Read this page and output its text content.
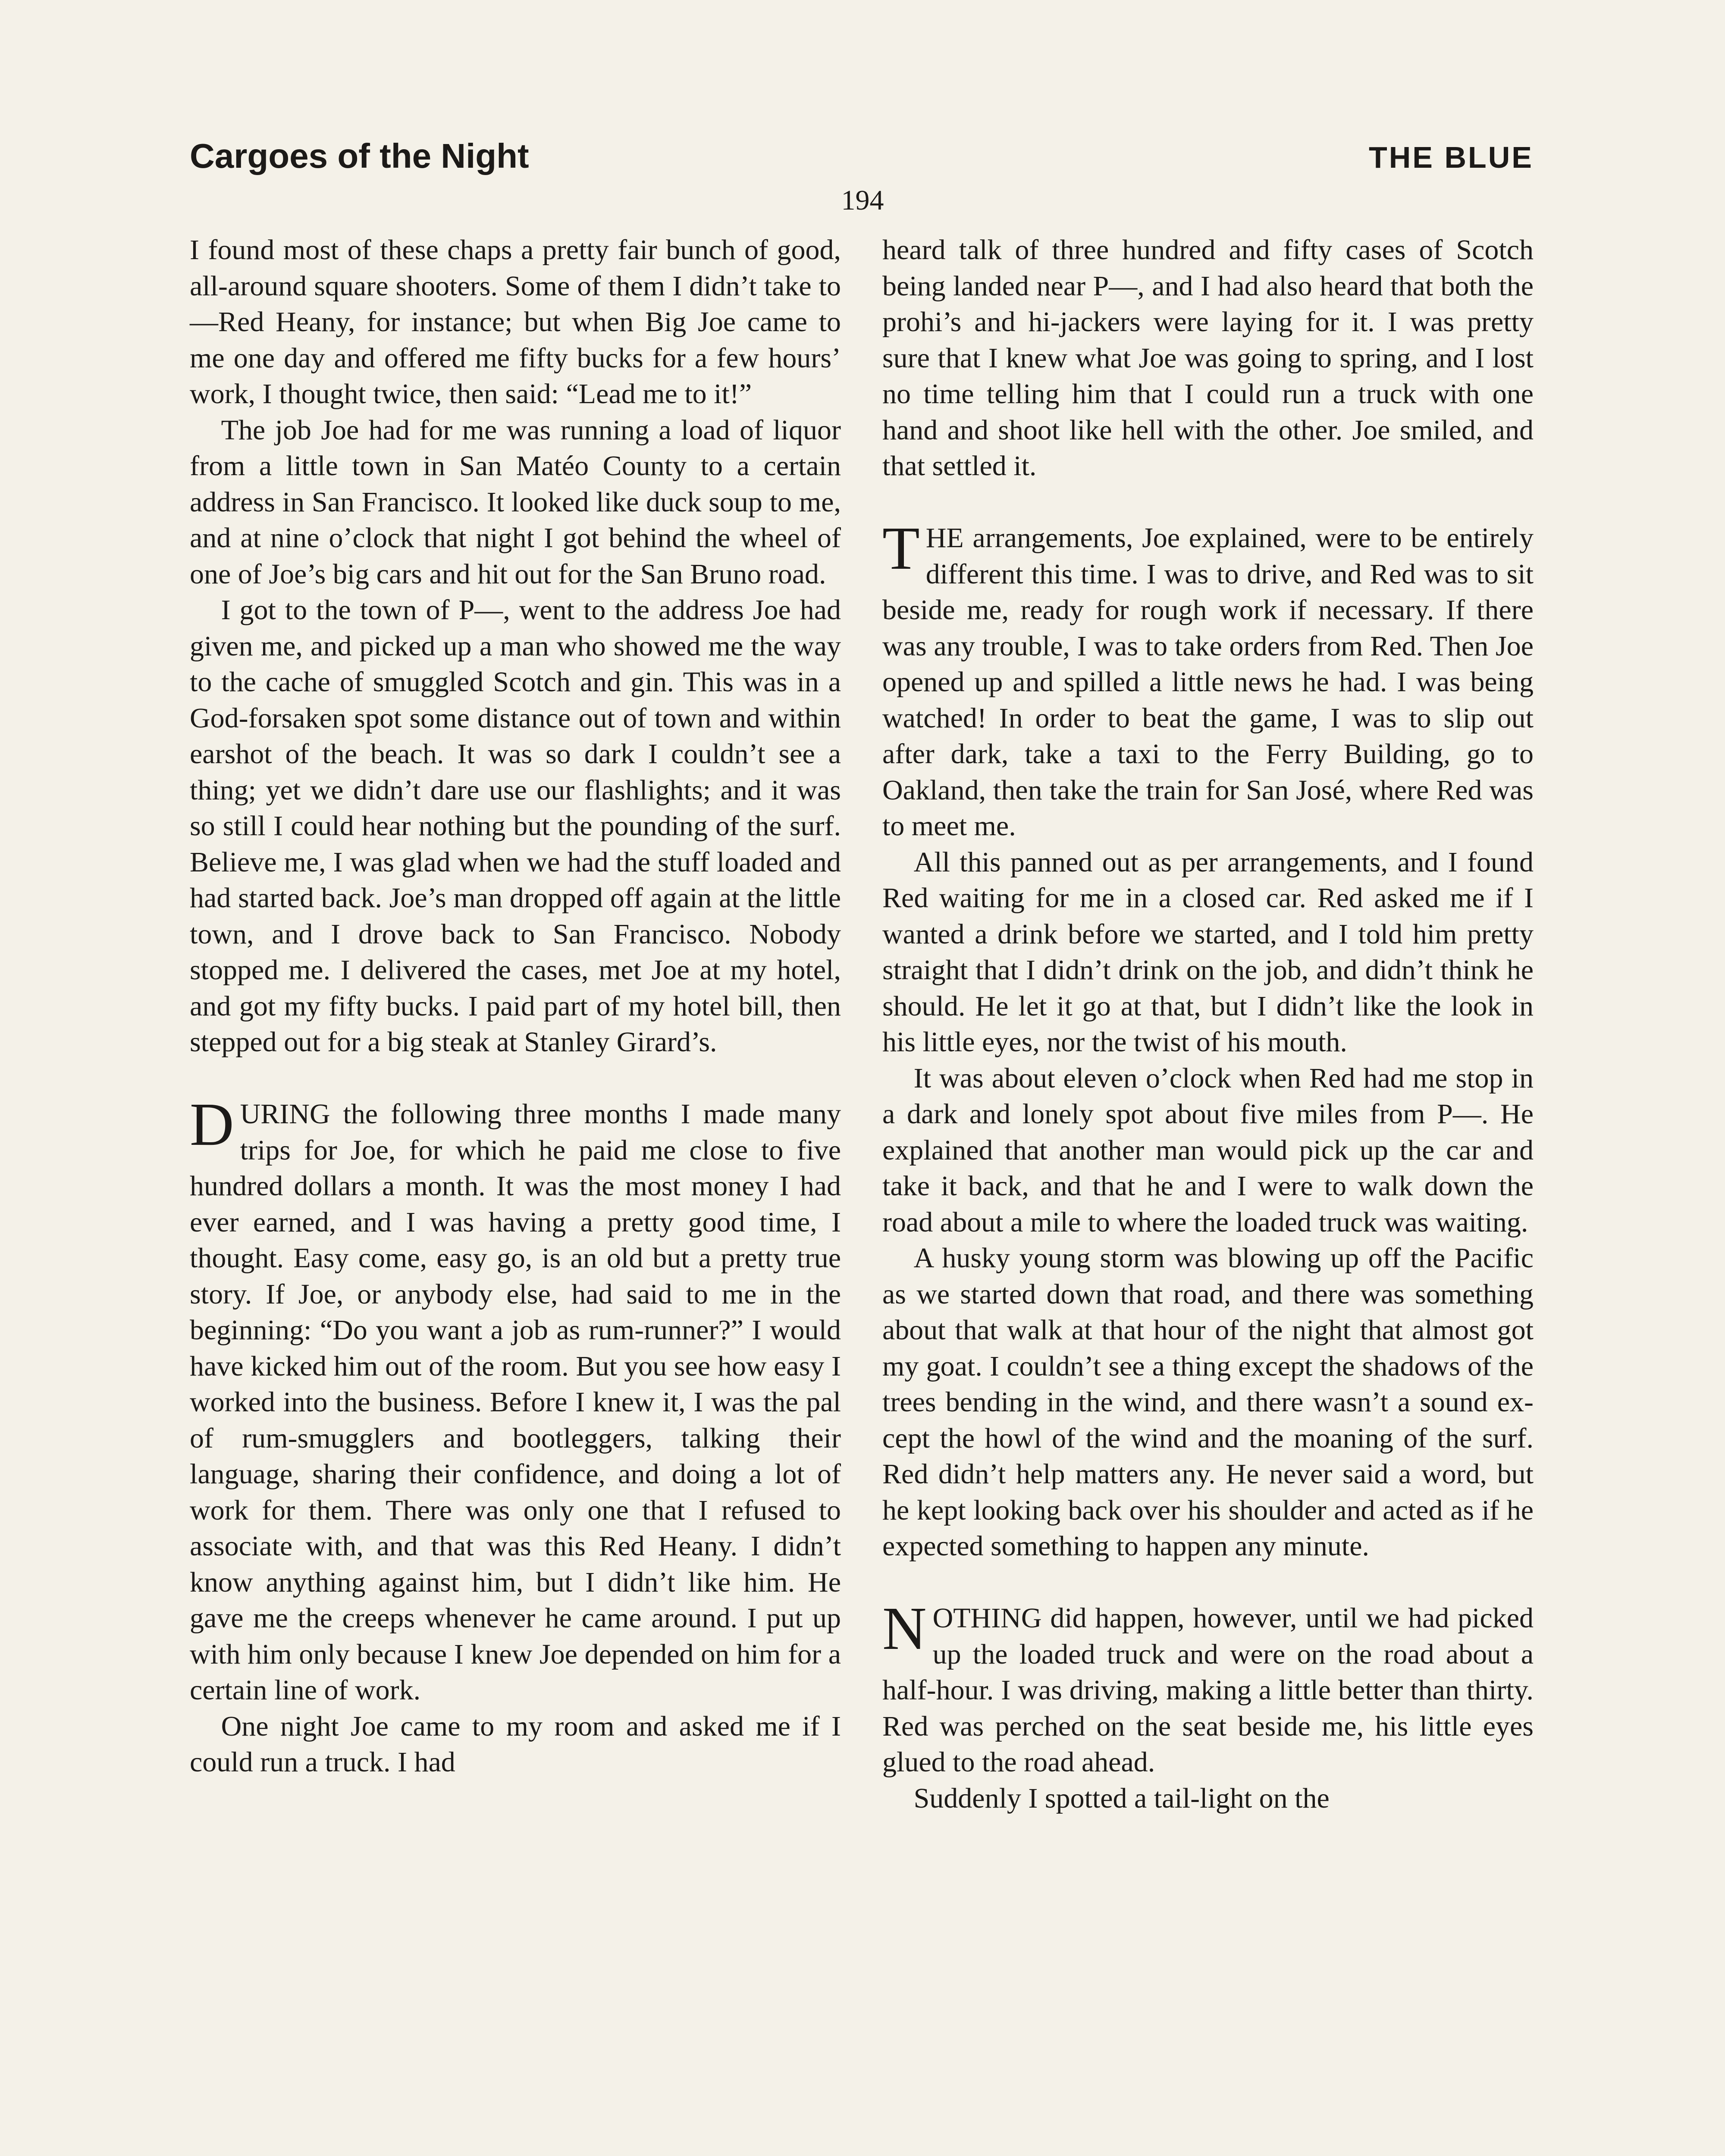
Cargoes of the Night	THE BLUE
194

I found most of these chaps a pretty fair bunch of good, all-around square shooters. Some of them I didn’t take to—Red Heany, for instance; but when Big Joe came to me one day and offered me fifty bucks for a few hours’ work, I thought twice, then said: “Lead me to it!”

The job Joe had for me was running a load of liquor from a little town in San Matéo County to a certain address in San Francisco. It looked like duck soup to me, and at nine o’clock that night I got behind the wheel of one of Joe’s big cars and hit out for the San Bruno road.

I got to the town of P—, went to the address Joe had given me, and picked up a man who showed me the way to the cache of smuggled Scotch and gin. This was in a God-forsaken spot some distance out of town and within earshot of the beach. It was so dark I couldn’t see a thing; yet we didn’t dare use our flashlights; and it was so still I could hear nothing but the pounding of the surf. Believe me, I was glad when we had the stuff loaded and had started back. Joe’s man dropped off again at the little town, and I drove back to San Francisco. Nobody stopped me. I delivered the cases, met Joe at my hotel, and got my fifty bucks. I paid part of my hotel bill, then stepped out for a big steak at Stanley Girard’s.

DURING the following three months I made many trips for Joe, for which he paid me close to five hundred dollars a month. It was the most money I had ever earned, and I was having a pretty good time, I thought. Easy come, easy go, is an old but a pretty true story. If Joe, or anybody else, had said to me in the beginning: “Do you want a job as rum-runner?” I would have kicked him out of the room. But you see how easy I worked into the business. Before I knew it, I was the pal of rum-smugglers and bootleggers, talking their language, sharing their confidence, and doing a lot of work for them. There was only one that I refused to associate with, and that was this Red Heany. I didn’t know anything against him, but I didn’t like him. He gave me the creeps whenever he came around. I put up with him only because I knew Joe depended on him for a certain line of work.

One night Joe came to my room and asked me if I could run a truck. I had

heard talk of three hundred and fifty cases of Scotch being landed near P—, and I had also heard that both the prohi’s and hi-jackers were laying for it. I was pretty sure that I knew what Joe was going to spring, and I lost no time telling him that I could run a truck with one hand and shoot like hell with the other. Joe smiled, and that settled it.

THE arrangements, Joe explained, were to be entirely different this time. I was to drive, and Red was to sit beside me, ready for rough work if necessary. If there was any trouble, I was to take orders from Red. Then Joe opened up and spilled a little news he had. I was being watched! In order to beat the game, I was to slip out after dark, take a taxi to the Ferry Building, go to Oakland, then take the train for San José, where Red was to meet me.

All this panned out as per arrangements, and I found Red waiting for me in a closed car. Red asked me if I wanted a drink before we started, and I told him pretty straight that I didn’t drink on the job, and didn’t think he should. He let it go at that, but I didn’t like the look in his little eyes, nor the twist of his mouth.

It was about eleven o’clock when Red had me stop in a dark and lonely spot about five miles from P—. He explained that another man would pick up the car and take it back, and that he and I were to walk down the road about a mile to where the loaded truck was waiting.

A husky young storm was blowing up off the Pacific as we started down that road, and there was something about that walk at that hour of the night that almost got my goat. I couldn’t see a thing except the shadows of the trees bending in the wind, and there wasn’t a sound except the howl of the wind and the moaning of the surf. Red didn’t help matters any. He never said a word, but he kept looking back over his shoulder and acted as if he expected something to happen any minute.

NOTHING did happen, however, until we had picked up the loaded truck and were on the road about a half-hour. I was driving, making a little better than thirty. Red was perched on the seat beside me, his little eyes glued to the road ahead.

Suddenly I spotted a tail-light on the
